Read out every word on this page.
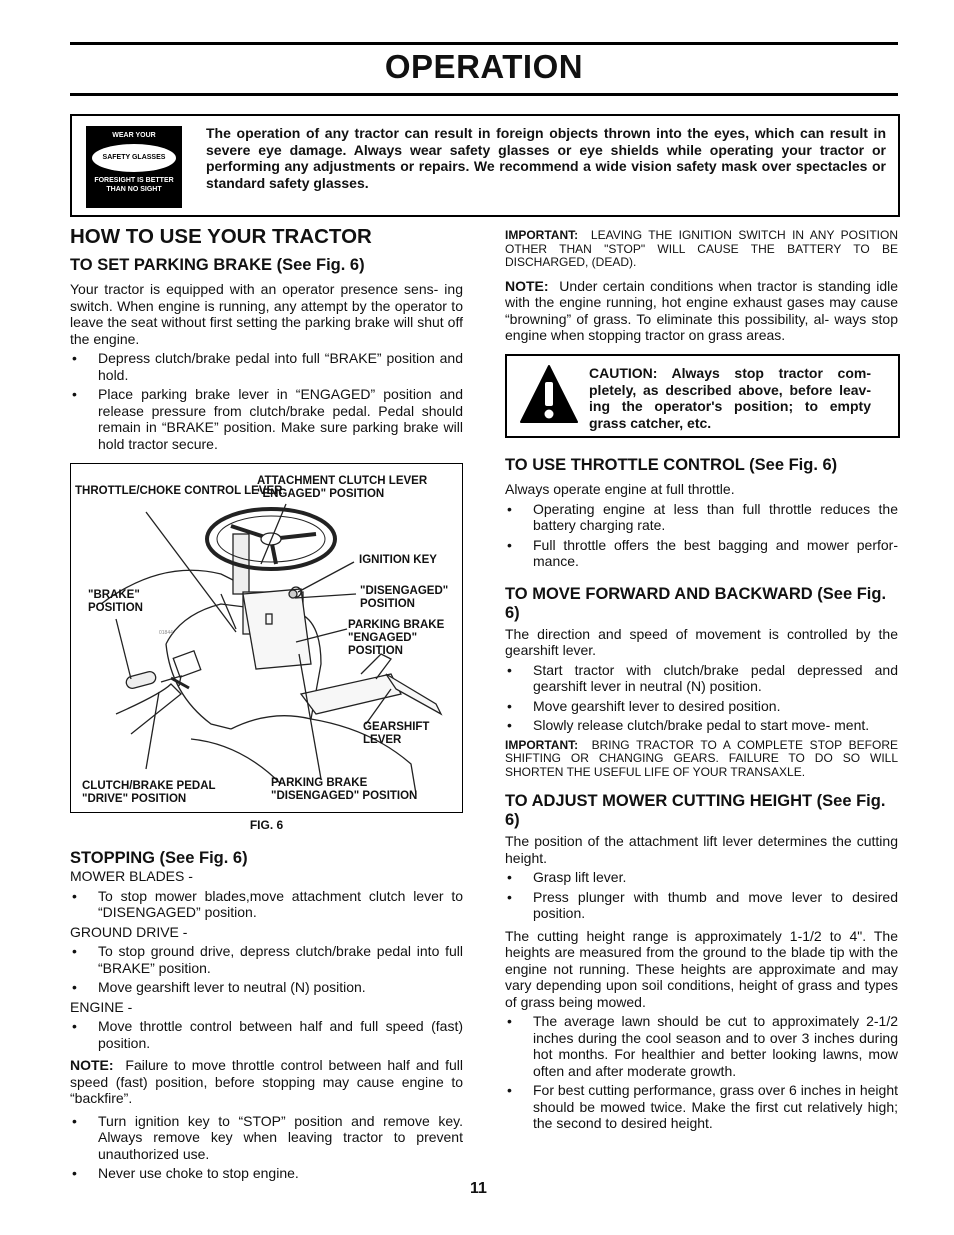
OPERATION
WEAR YOUR
SAFETY GLASSES
FORESIGHT IS BETTER THAN NO SIGHT
The operation of any tractor can result in foreign objects thrown into the eyes, which can result in severe eye damage. Always wear safety glasses or eye shields while operating your tractor or performing any adjustments or repairs. We recommend a wide vision safety mask over spectacles or standard safety glasses.

HOW TO USE YOUR TRACTOR

TO SET PARKING BRAKE (See Fig. 6)

Your tractor is equipped with an operator presence sens- ing switch. When engine is running, any attempt by the operator to leave the seat without first setting the parking brake will shut off the engine.

• Depress clutch/brake pedal into full “BRAKE” position and hold.

• Place parking brake lever in “ENGAGED” position and release pressure from clutch/brake pedal. Pedal should remain in “BRAKE” position. Make sure parking brake will hold tractor secure.

01844
THROTTLE/CHOKE CONTROL LEVER
ATTACHMENT CLUTCH LEVER "ENGAGED" POSITION
IGNITION KEY
"BRAKE" POSITION
"DISENGAGED" POSITION
PARKING BRAKE "ENGAGED" POSITION
GEARSHIFT LEVER
CLUTCH/BRAKE PEDAL "DRIVE" POSITION
PARKING BRAKE "DISENGAGED" POSITION
FIG. 6

STOPPING (See Fig. 6)

MOWER BLADES -

• To stop mower blades,move attachment clutch lever to “DISENGAGED” position.

GROUND DRIVE -

• To stop ground drive, depress clutch/brake pedal into full “BRAKE” position.

• Move gearshift lever to neutral (N) position.

ENGINE -

• Move throttle control between half and full speed (fast) position.

NOTE: Failure to move throttle control between half and full speed (fast) position, before stopping may cause engine to “backfire”.

• Turn ignition key to “STOP” position and remove key. Always remove key when leaving tractor to prevent unauthorized use.

• Never use choke to stop engine.

IMPORTANT: LEAVING THE IGNITION SWITCH IN ANY POSITION OTHER THAN "STOP" WILL CAUSE THE BATTERY TO BE DISCHARGED, (DEAD).

NOTE: Under certain conditions when tractor is standing idle with the engine running, hot engine exhaust gases may cause “browning” of grass. To eliminate this possibility, al- ways stop engine when stopping tractor on grass areas.

CAUTION: Always stop tractor com- pletely, as described above, before leav- ing the operator's position; to empty grass catcher, etc.

TO USE THROTTLE CONTROL (See Fig. 6)

Always operate engine at full throttle.

• Operating engine at less than full throttle reduces the battery charging rate.

• Full throttle offers the best bagging and mower perfor- mance.

TO MOVE FORWARD AND BACKWARD (See Fig. 6)

The direction and speed of movement is controlled by the gearshift lever.

• Start tractor with clutch/brake pedal depressed and gearshift lever in neutral (N) position.

• Move gearshift lever to desired position.

• Slowly release clutch/brake pedal to start move- ment.

IMPORTANT: BRING TRACTOR TO A COMPLETE STOP BEFORE SHIFTING OR CHANGING GEARS. FAILURE TO DO SO WILL SHORTEN THE USEFUL LIFE OF YOUR TRANSAXLE.

TO ADJUST MOWER CUTTING HEIGHT (See Fig. 6)

The position of the attachment lift lever determines the cutting height.

• Grasp lift lever.

• Press plunger with thumb and move lever to desired position.

The cutting height range is approximately 1-1/2 to 4". The heights are measured from the ground to the blade tip with the engine not running. These heights are approximate and may vary depending upon soil conditions, height of grass and types of grass being mowed.

• The average lawn should be cut to approximately 2-1/2 inches during the cool season and to over 3 inches during hot months. For healthier and better looking lawns, mow often and after moderate growth.

• For best cutting performance, grass over 6 inches in height should be mowed twice. Make the first cut relatively high; the second to desired height.

11
